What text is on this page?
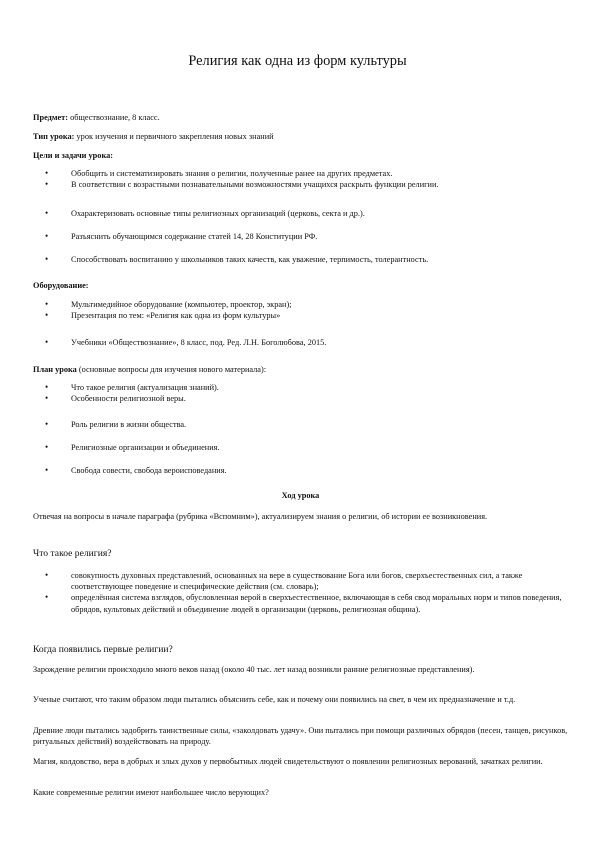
Религия как одна из форм культуры

Предмет: обществознание, 8 класс.

Тип урока: урок изучения и первичного закрепления новых знаний

Цели и задачи урока:

• Обобщить и систематизировать знания о религии, полученные ранее на других предметах.
• В соответствии с возрастными познавательными возможностями учащихся раскрыть функции религии.
• Охарактеризовать основные типы религиозных организаций (церковь, секта и др.).
• Разъяснить обучающимся содержание статей 14, 28 Конституции РФ.
• Способствовать воспитанию у школьников таких качеств, как уважение, терпимость, толерантность.

Оборудование:

• Мультимедийное оборудование (компьютер, проектор, экран);
• Презентация по тем: «Религия как одна из форм культуры»
• Учебники «Обществознание», 8 класс, под. Ред. Л.Н. Боголюбова, 2015.

План урока (основные вопросы для изучения нового материала):

• Что такое религия (актуализация знаний).
• Особенности религиозной веры.
• Роль религии в жизни общества.
• Религиозные организации и объединения.
• Свобода совести, свобода вероисповедания.

Ход урока

Отвечая на вопросы в начале параграфа (рубрика «Вспомним»), актуализируем знания о религии, об истории ее возникновения.

Что такое религия?

• совокупность духовных представлений, основанных на вере в существование Бога или богов, сверхъестественных сил, а также соответствующее поведение и специфические действия (см. словарь);
• определённая система взглядов, обусловленная верой в сверхъестественное, включающая в себя свод моральных норм и типов поведения, обрядов, культовых действий и объединение людей в организации (церковь, религиозная община).

Когда появились первые религии?

Зарождение религии происходило много веков назад (около 40 тыс. лет назад возникли ранние религиозные представления).

Ученые считают, что таким образом люди пытались объяснить себе, как и почему они появились на свет, в чем их предназначение и т.д.

Древние люди пытались задобрить таинственные силы, «заколдовать удачу». Они пытались при помощи различных обрядов (песен, танцев, рисунков, ритуальных действий) воздействовать на природу.

Магия, колдовство, вера в добрых и злых духов у первобытных людей свидетельствуют о появлении религиозных верований, зачатках религии.

Какие современные религии имеют наибольшее число верующих?
